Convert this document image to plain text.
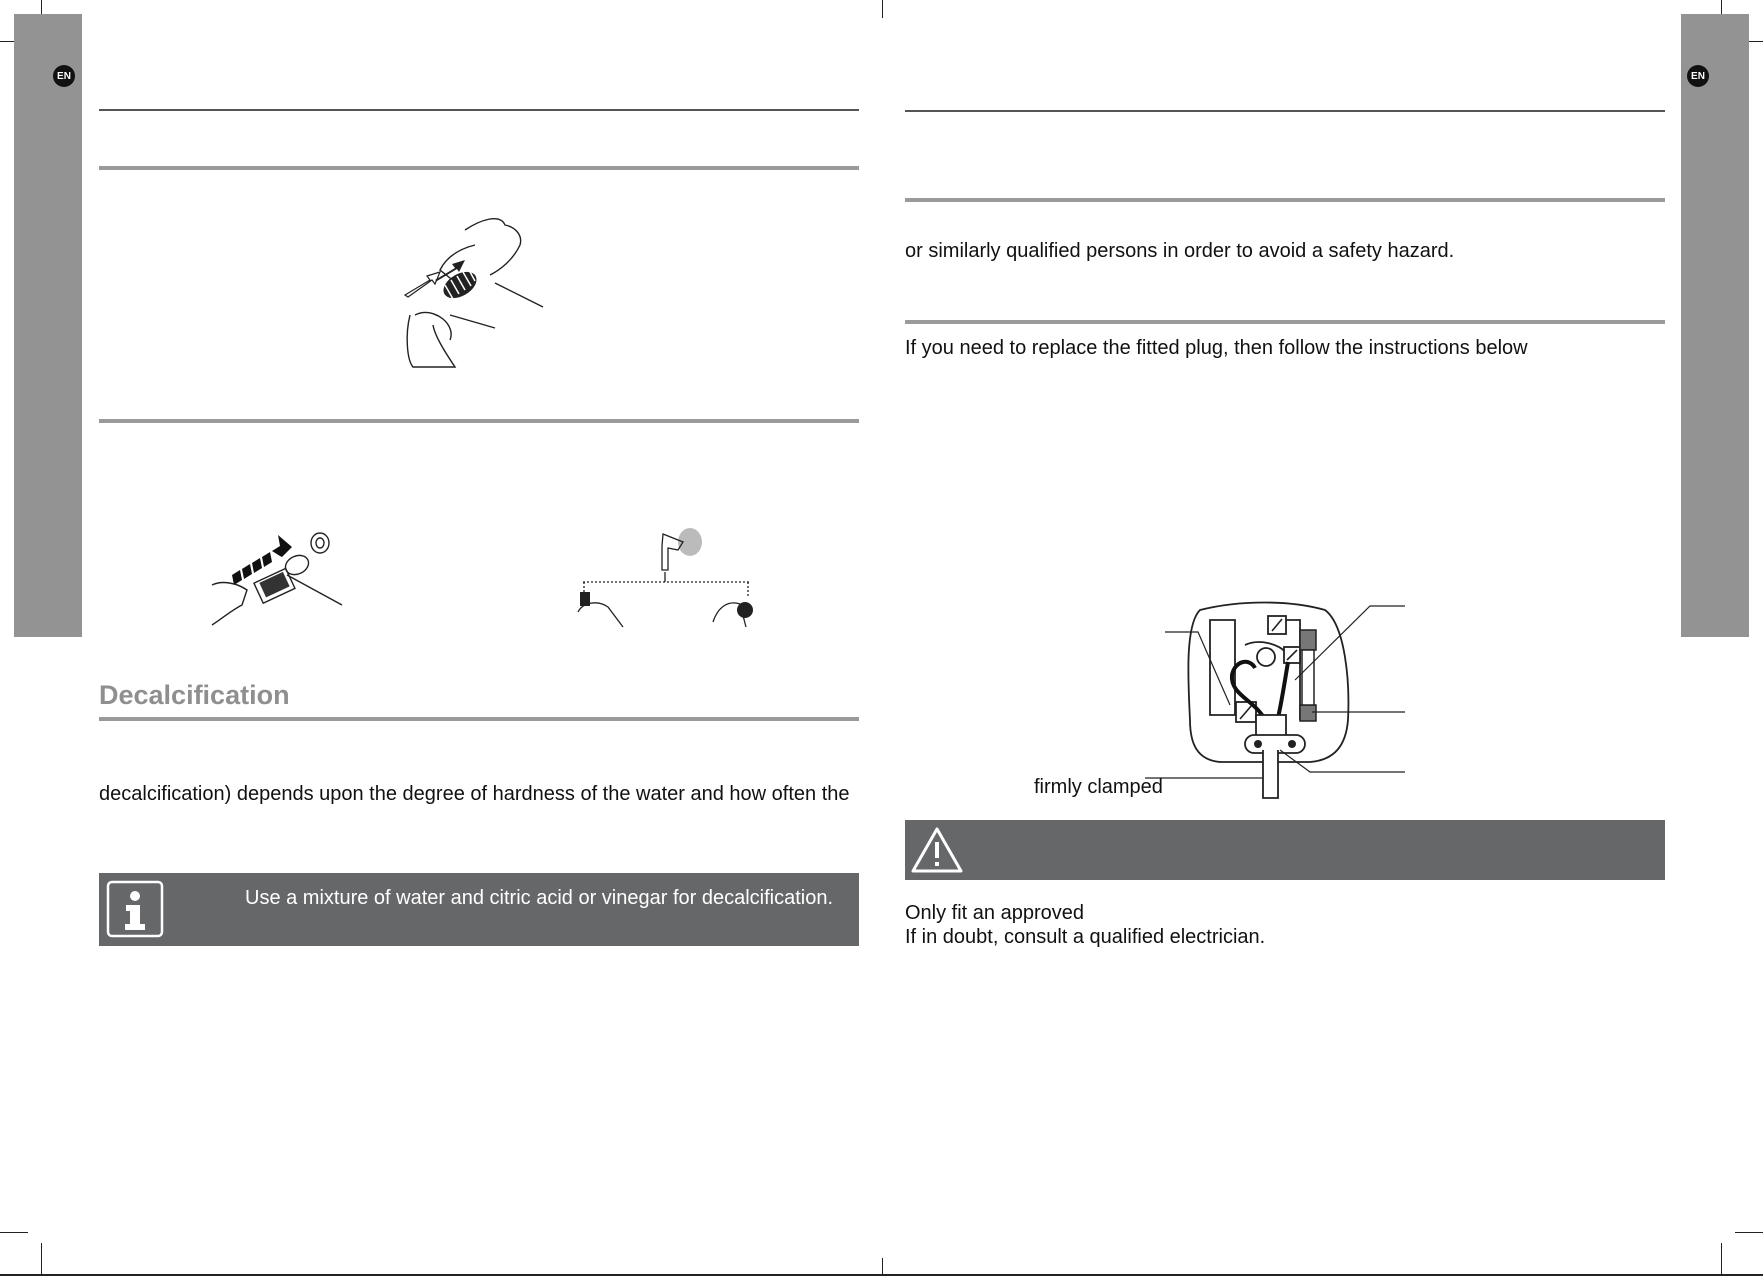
EN	EN
Decalcification
decalcification) depends upon the degree of hardness of the water and how often the
Use a mixture of water and citric acid or vinegar for decalcification.
or similarly qualified persons in order to avoid a safety hazard.
If you need to replace the fitted plug, then follow the instructions below
firmly clamped
Only fit an approved
If in doubt, consult a qualified electrician.
